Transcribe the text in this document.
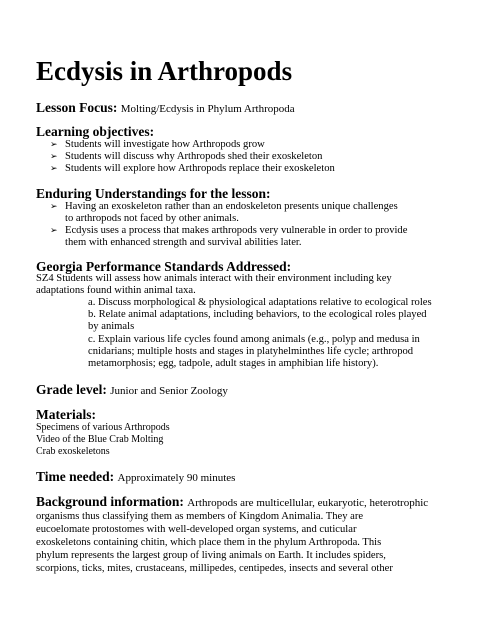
Ecdysis in Arthropods
Lesson Focus: Molting/Ecdysis in Phylum Arthropoda
Learning objectives:
➢ Students will investigate how Arthropods grow
➢ Students will discuss why Arthropods shed their exoskeleton
➢ Students will explore how Arthropods replace their exoskeleton
Enduring Understandings for the lesson:
➢ Having an exoskeleton rather than an endoskeleton presents unique challenges
to arthropods not faced by other animals.
➢ Ecdysis uses a process that makes arthropods very vulnerable in order to provide
them with enhanced strength and survival abilities later.
Georgia Performance Standards Addressed:
SZ4 Students will assess how animals interact with their environment including key
adaptations found within animal taxa.
a. Discuss morphological & physiological adaptations relative to ecological roles
b. Relate animal adaptations, including behaviors, to the ecological roles played
by animals
c. Explain various life cycles found among animals (e.g., polyp and medusa in
cnidarians; multiple hosts and stages in platyhelminthes life cycle; arthropod
metamorphosis; egg, tadpole, adult stages in amphibian life history).
Grade level: Junior and Senior Zoology
Materials:
Specimens of various Arthropods
Video of the Blue Crab Molting
Crab exoskeletons
Time needed: Approximately 90 minutes
Background information: Arthropods are multicellular, eukaryotic, heterotrophic
organisms thus classifying them as members of Kingdom Animalia. They are
eucoelomate protostomes with well-developed organ systems, and cuticular
exoskeletons containing chitin, which place them in the phylum Arthropoda. This
phylum represents the largest group of living animals on Earth. It includes spiders,
scorpions, ticks, mites, crustaceans, millipedes, centipedes, insects and several other
